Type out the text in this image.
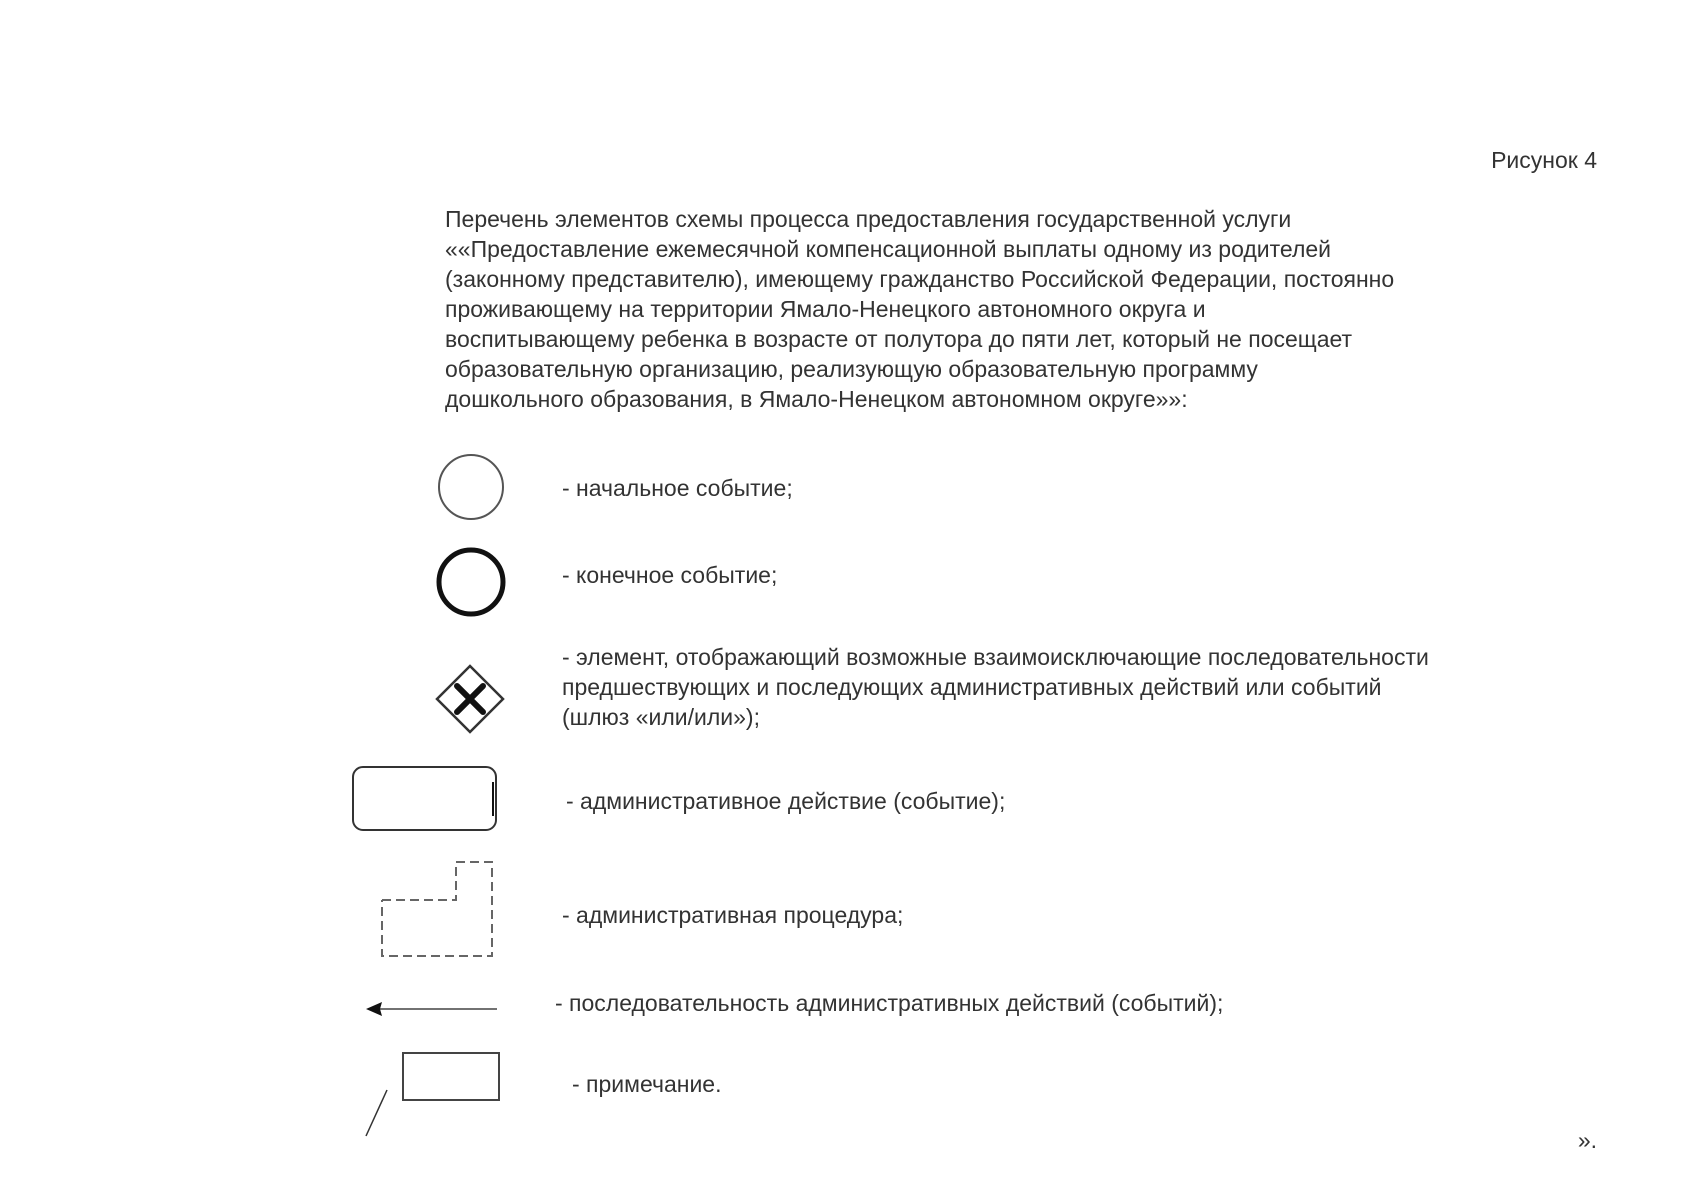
Рисунок 4
Перечень элементов схемы процесса предоставления государственной услуги
««Предоставление ежемесячной компенсационной выплаты одному из родителей
(законному представителю), имеющему гражданство Российской Федерации, постоянно
проживающему на территории Ямало-Ненецкого автономного округа и
воспитывающему ребенка в возрасте от полутора до пяти лет, который не посещает
образовательную организацию, реализующую образовательную программу
дошкольного образования, в Ямало-Ненецком автономном округе»»:
- начальное событие;
- конечное событие;
- элемент, отображающий возможные взаимоисключающие последовательности
предшествующих и последующих административных действий или событий
(шлюз «или/или»);
- административное действие (событие);
- административная процедура;
- последовательность административных действий (событий);
- примечание.
».
